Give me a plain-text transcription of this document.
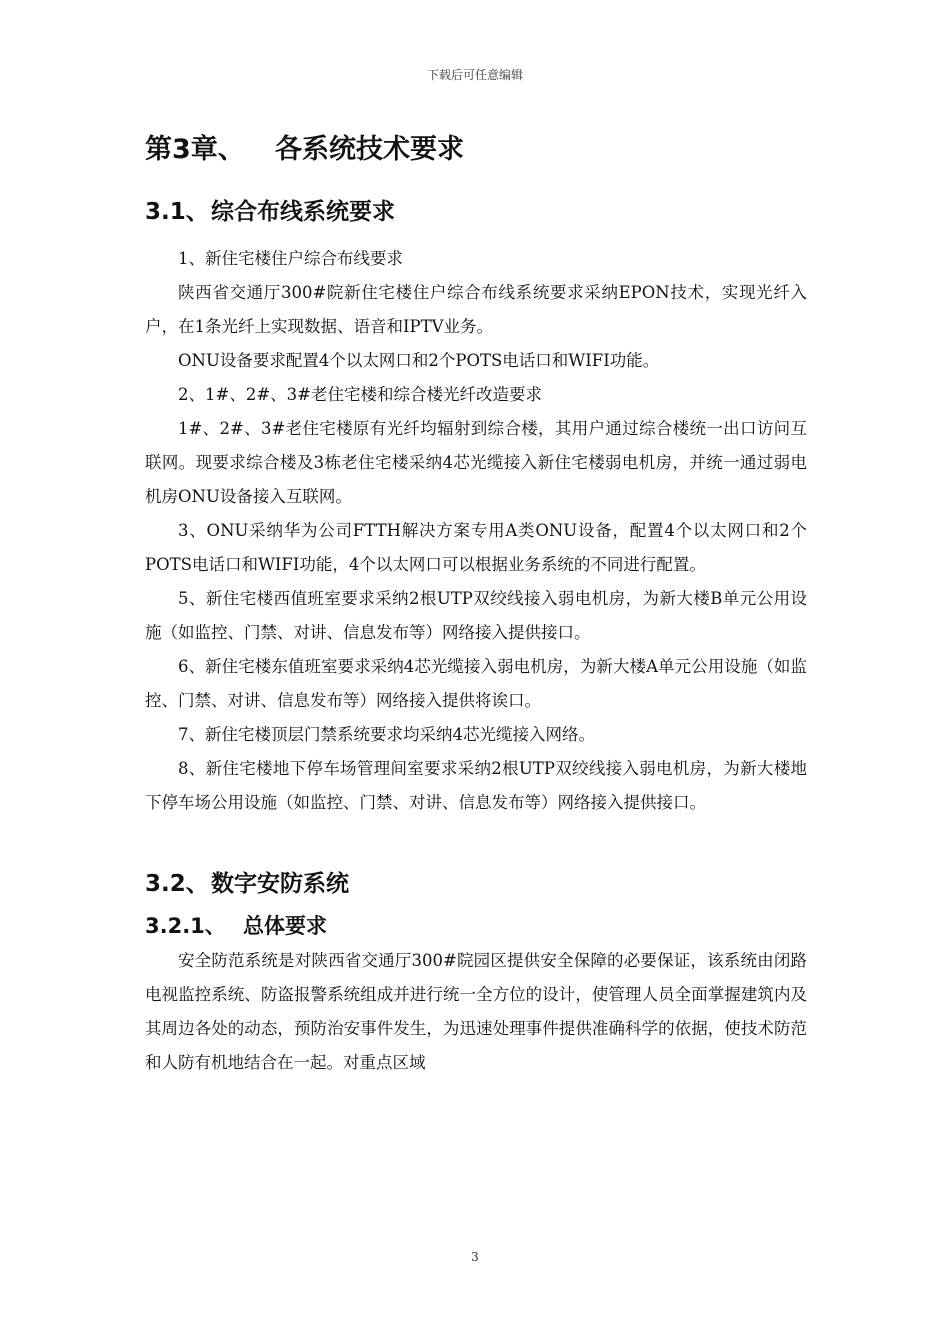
下载后可任意编辑
第3章、 各系统技术要求
3.1、综合布线系统要求

1、新住宅楼住户综合布线要求

陕西省交通厅300#院新住宅楼住户综合布线系统要求采纳EPON技术，实现光纤入户，在1条光纤上实现数据、语音和IPTV业务。

ONU设备要求配置4个以太网口和2个POTS电话口和WIFI功能。

2、1#、2#、3#老住宅楼和综合楼光纤改造要求

1#、2#、3#老住宅楼原有光纤均辐射到综合楼，其用户通过综合楼统一出口访问互联网。现要求综合楼及3栋老住宅楼采纳4芯光缆接入新住宅楼弱电机房，并统一通过弱电机房ONU设备接入互联网。

3、ONU采纳华为公司FTTH解决方案专用A类ONU设备，配置4个以太网口和2个POTS电话口和WIFI功能，4个以太网口可以根据业务系统的不同进行配置。

5、新住宅楼西值班室要求采纳2根UTP双绞线接入弱电机房，为新大楼B单元公用设施（如监控、门禁、对讲、信息发布等）网络接入提供接口。

6、新住宅楼东值班室要求采纳4芯光缆接入弱电机房，为新大楼A单元公用设施（如监控、门禁、对讲、信息发布等）网络接入提供将诶口。

7、新住宅楼顶层门禁系统要求均采纳4芯光缆接入网络。

8、新住宅楼地下停车场管理间室要求采纳2根UTP双绞线接入弱电机房，为新大楼地下停车场公用设施（如监控、门禁、对讲、信息发布等）网络接入提供接口。

3.2、数字安防系统
3.2.1、 总体要求

安全防范系统是对陕西省交通厅300#院园区提供安全保障的必要保证，该系统由闭路电视监控系统、防盗报警系统组成并进行统一全方位的设计，使管理人员全面掌握建筑内及其周边各处的动态，预防治安事件发生，为迅速处理事件提供准确科学的依据，使技术防范和人防有机地结合在一起。对重点区域

3
